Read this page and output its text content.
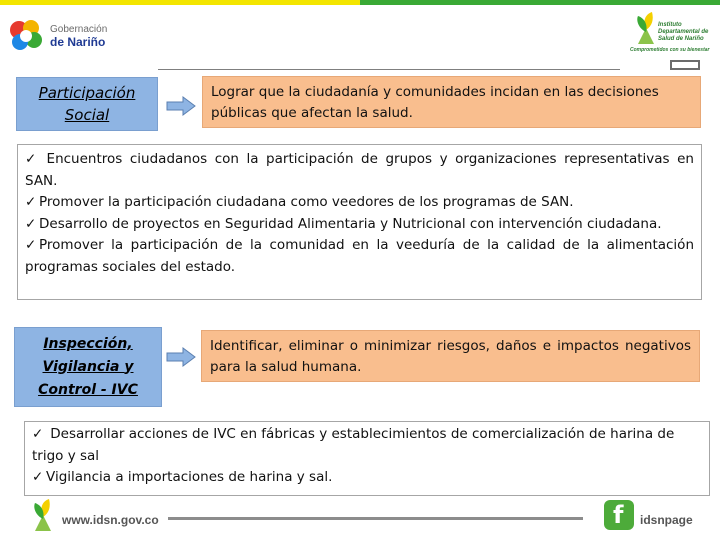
Gobernación
de Nariño
Instituto Departamental de Salud de Nariño
Comprometidos con su bienestar
Participación Social
Lograr que la ciudadanía y comunidades incidan en las decisiones públicas que afectan la salud.
✓ Encuentros ciudadanos con la participación de grupos y organizaciones representativas en SAN.
✓ Promover la participación ciudadana como veedores de los programas de SAN.
✓ Desarrollo de proyectos en Seguridad Alimentaria y Nutricional con intervención ciudadana.
✓ Promover la participación de la comunidad en la veeduría de la calidad de la alimentación programas sociales del estado.
Inspección,
Vigilancia y
Control - IVC
Identificar, eliminar o minimizar riesgos, daños e impactos negativos para la salud humana.
✓ Desarrollar acciones de IVC en fábricas y establecimientos de comercialización de harina de trigo y sal
✓ Vigilancia a importaciones de harina y sal.
www.idsn.gov.co	f idsnpage
